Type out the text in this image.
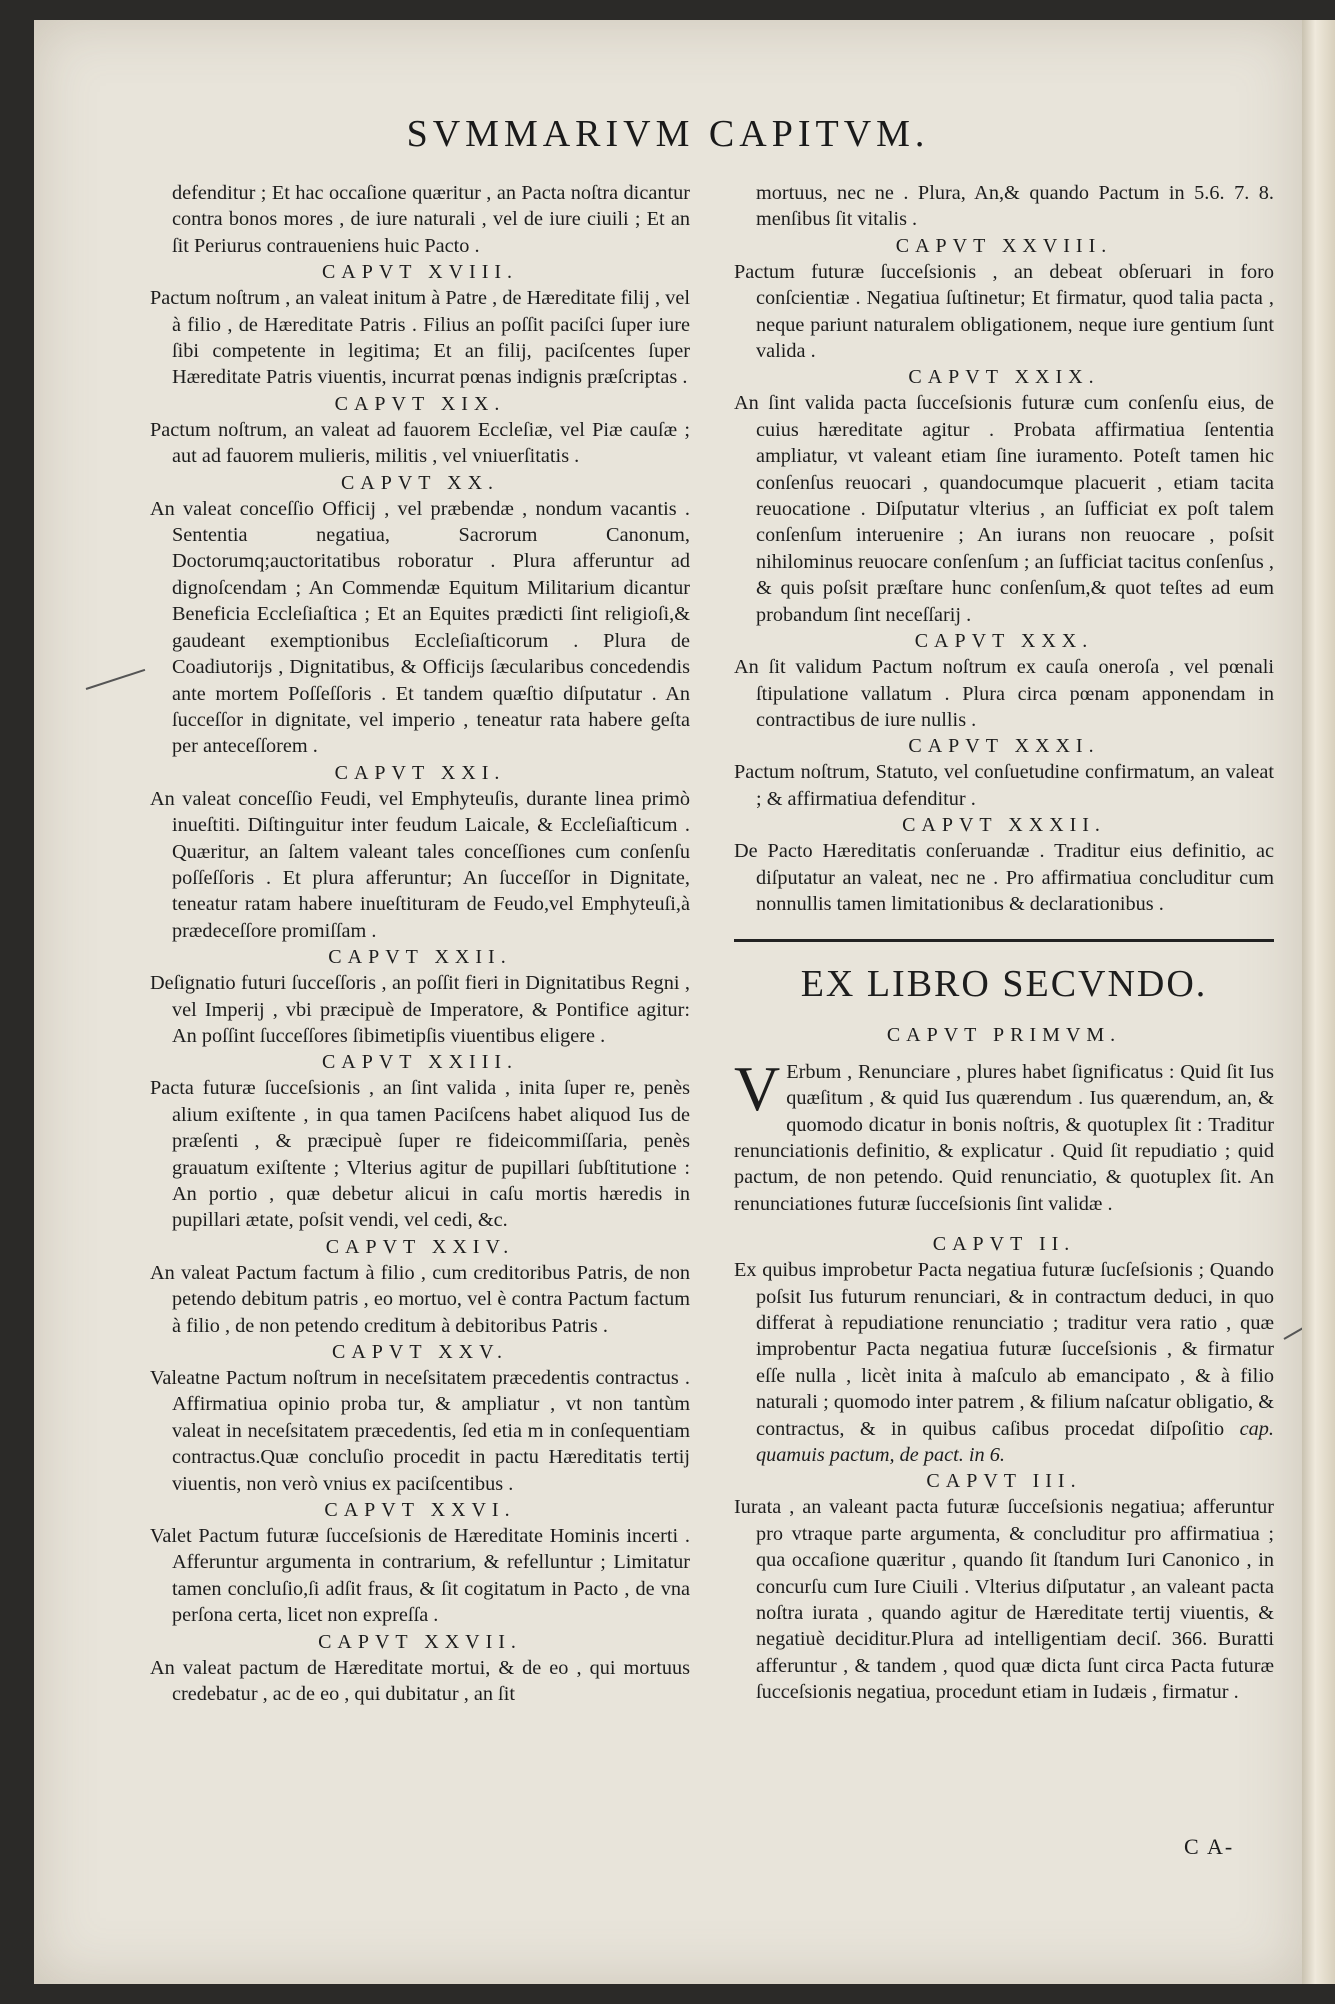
SVMMARIVM CAPITVM.
defenditur ; Et hac occaſione quæritur , an Pacta noſtra dicantur contra bonos mores , de iure naturali , vel de iure ciuili ; Et an ſit Periurus contraueniens huic Pacto .
CAPVT XVIII.
Pactum noſtrum , an valeat initum à Patre , de Hæreditate filij , vel à filio , de Hæreditate Patris . Filius an poſſit paciſci ſuper iure ſibi competente in legitima; Et an filij, paciſcentes ſuper Hæreditate Patris viuentis, incurrat pœnas indignis præſcriptas .
CAPVT XIX.
Pactum noſtrum, an valeat ad fauorem Eccleſiæ, vel Piæ cauſæ ; aut ad fauorem mulieris, militis , vel vniuerſitatis .
CAPVT XX.
An valeat conceſſio Officij , vel præbendæ , nondum vacantis . Sententia negatiua, Sacrorum Canonum, Doctorumq;auctoritatibus roboratur . Plura afferuntur ad dignoſcendam ; An Commendæ Equitum Militarium dicantur Beneficia Eccleſiaſtica ; Et an Equites prædicti ſint religioſi,& gaudeant exemptionibus Eccleſiaſticorum . Plura de Coadiutorijs , Dignitatibus, & Officijs ſæcularibus concedendis ante mortem Poſſeſſoris . Et tandem quæſtio diſputatur . An ſucceſſor in dignitate, vel imperio , teneatur rata habere geſta per anteceſſorem .
CAPVT XXI.
An valeat conceſſio Feudi, vel Emphyteuſis, durante linea primò inueſtiti. Diſtinguitur inter feudum Laicale, & Eccleſiaſticum . Quæritur, an ſaltem valeant tales conceſſiones cum conſenſu poſſeſſoris . Et plura afferuntur; An ſucceſſor in Dignitate, teneatur ratam habere inueſtituram de Feudo,vel Emphyteuſi,à prædeceſſore promiſſam .
CAPVT XXII.
Deſignatio futuri ſucceſſoris , an poſſit fieri in Dignitatibus Regni , vel Imperij , vbi præcipuè de Imperatore, & Pontifice agitur: An poſſint ſucceſſores ſibimetipſis viuentibus eligere .
CAPVT XXIII.
Pacta futuræ ſucceſsionis , an ſint valida , inita ſuper re, penès alium exiſtente , in qua tamen Paciſcens habet aliquod Ius de præſenti , & præcipuè ſuper re fideicommiſſaria, penès grauatum exiſtente ; Vlterius agitur de pupillari ſubſtitutione : An portio , quæ debetur alicui in caſu mortis hæredis in pupillari ætate, poſsit vendi, vel cedi, &c.
CAPVT XXIV.
An valeat Pactum factum à filio , cum creditoribus Patris, de non petendo debitum patris , eo mortuo, vel è contra Pactum factum à filio , de non petendo creditum à debitoribus Patris .
CAPVT XXV.
Valeatne Pactum noſtrum in neceſsitatem præcedentis contractus . Affirmatiua opinio proba tur, & ampliatur , vt non tantùm valeat in neceſsitatem præcedentis, ſed etia m in conſequentiam contractus.Quæ concluſio procedit in pactu Hæreditatis tertij viuentis, non verò vnius ex paciſcentibus .
CAPVT XXVI.
Valet Pactum futuræ ſucceſsionis de Hæreditate Hominis incerti . Afferuntur argumenta in contrarium, & refelluntur ; Limitatur tamen concluſio,ſi adſit fraus, & ſit cogitatum in Pacto , de vna perſona certa, licet non expreſſa .
CAPVT XXVII.
An valeat pactum de Hæreditate mortui, & de eo , qui mortuus credebatur , ac de eo , qui dubitatur , an ſit
mortuus, nec ne . Plura, An,& quando Pactum in 5.6. 7. 8. menſibus ſit vitalis .
CAPVT XXVIII.
Pactum futuræ ſucceſsionis , an debeat obſeruari in foro conſcientiæ . Negatiua ſuſtinetur; Et firmatur, quod talia pacta , neque pariunt naturalem obligationem, neque iure gentium ſunt valida .
CAPVT XXIX.
An ſint valida pacta ſucceſsionis futuræ cum conſenſu eius, de cuius hæreditate agitur . Probata affirmatiua ſententia ampliatur, vt valeant etiam ſine iuramento. Poteſt tamen hic conſenſus reuocari , quandocumque placuerit , etiam tacita reuocatione . Diſputatur vlterius , an ſufficiat ex poſt talem conſenſum interuenire ; An iurans non reuocare , poſsit nihilominus reuocare conſenſum ; an ſufficiat tacitus conſenſus , & quis poſsit præſtare hunc conſenſum,& quot teſtes ad eum probandum ſint neceſſarij .
CAPVT XXX.
An ſit validum Pactum noſtrum ex cauſa oneroſa , vel pœnali ſtipulatione vallatum . Plura circa pœnam apponendam in contractibus de iure nullis .
CAPVT XXXI.
Pactum noſtrum, Statuto, vel conſuetudine confirmatum, an valeat ; & affirmatiua defenditur .
CAPVT XXXII.
De Pacto Hæreditatis conſeruandæ . Traditur eius definitio, ac diſputatur an valeat, nec ne . Pro affirmatiua concluditur cum nonnullis tamen limitationibus & declarationibus .
EX LIBRO SECVNDO.
CAPVT PRIMVM.
V Erbum , Renunciare , plures habet ſignificatus : Quid ſit Ius quæſitum , & quid Ius quærendum . Ius quærendum, an, & quomodo dicatur in bonis noſtris, & quotuplex ſit : Traditur renunciationis definitio, & explicatur . Quid ſit repudiatio ; quid pactum, de non petendo. Quid renunciatio, & quotuplex ſit. An renunciationes futuræ ſucceſsionis ſint validæ .
CAPVT II.
Ex quibus improbetur Pacta negatiua futuræ ſucſeſsionis ; Quando poſsit Ius futurum renunciari, & in contractum deduci, in quo differat à repudiatione renunciatio ; traditur vera ratio , quæ improbentur Pacta negatiua futuræ ſucceſsionis , & firmatur eſſe nulla , licèt inita à maſculo ab emancipato , & à filio naturali ; quomodo inter patrem , & filium naſcatur obligatio, & contractus, & in quibus caſibus procedat diſpoſitio cap. quamuis pactum, de pact. in 6.
CAPVT III.
Iurata , an valeant pacta futuræ ſucceſsionis negatiua; afferuntur pro vtraque parte argumenta, & concluditur pro affirmatiua ; qua occaſione quæritur , quando ſit ſtandum Iuri Canonico , in concurſu cum Iure Ciuili . Vlterius diſputatur , an valeant pacta noſtra iurata , quando agitur de Hæreditate tertij viuentis, & negatiuè deciditur.Plura ad intelligentiam deciſ. 366. Buratti afferuntur , & tandem , quod quæ dicta ſunt circa Pacta futuræ ſucceſsionis negatiua, procedunt etiam in Iudæis , firmatur .
C A-
